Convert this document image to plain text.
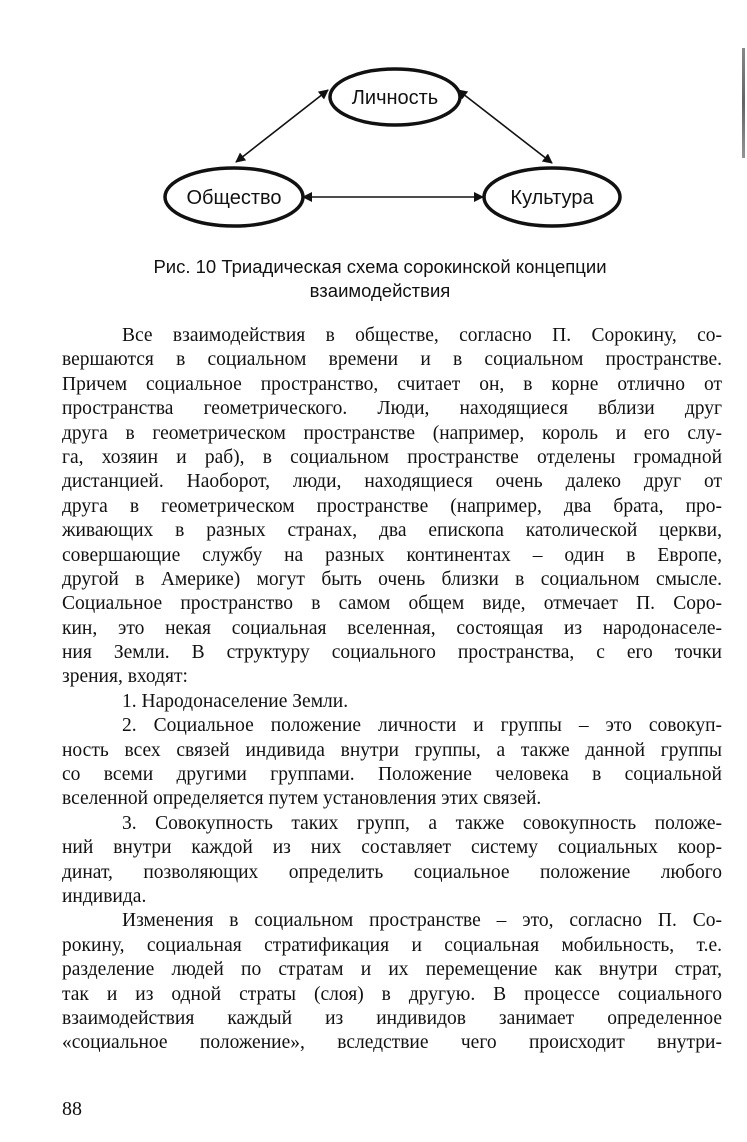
Личность
Общество	Культура
Рис. 10 Триадическая схема сорокинской концепции
взаимодействия
Все взаимодействия в обществе, согласно П. Сорокину, со-
вершаются в социальном времени и в социальном пространстве.
Причем социальное пространство, считает он, в корне отлично от
пространства геометрического. Люди, находящиеся вблизи друг
друга в геометрическом пространстве (например, король и его слу-
га, хозяин и раб), в социальном пространстве отделены громадной
дистанцией. Наоборот, люди, находящиеся очень далеко друг от
друга в геометрическом пространстве (например, два брата, про-
живающих в разных странах, два епископа католической церкви,
совершающие службу на разных континентах – один в Европе,
другой в Америке) могут быть очень близки в социальном смысле.
Социальное пространство в самом общем виде, отмечает П. Соро-
кин, это некая социальная вселенная, состоящая из народонаселе-
ния Земли. В структуру социального пространства, с его точки
зрения, входят:
1. Народонаселение Земли.
2. Социальное положение личности и группы – это совокуп-
ность всех связей индивида внутри группы, а также данной группы
со всеми другими группами. Положение человека в социальной
вселенной определяется путем установления этих связей.
3. Совокупность таких групп, а также совокупность положе-
ний внутри каждой из них составляет систему социальных коор-
динат, позволяющих определить социальное положение любого
индивида.
Изменения в социальном пространстве – это, согласно П. Со-
рокину, социальная стратификация и социальная мобильность, т.е.
разделение людей по стратам и их перемещение как внутри страт,
так и из одной страты (слоя) в другую. В процессе социального
взаимодействия каждый из индивидов занимает определенное
«социальное положение», вследствие чего происходит внутри-
88
